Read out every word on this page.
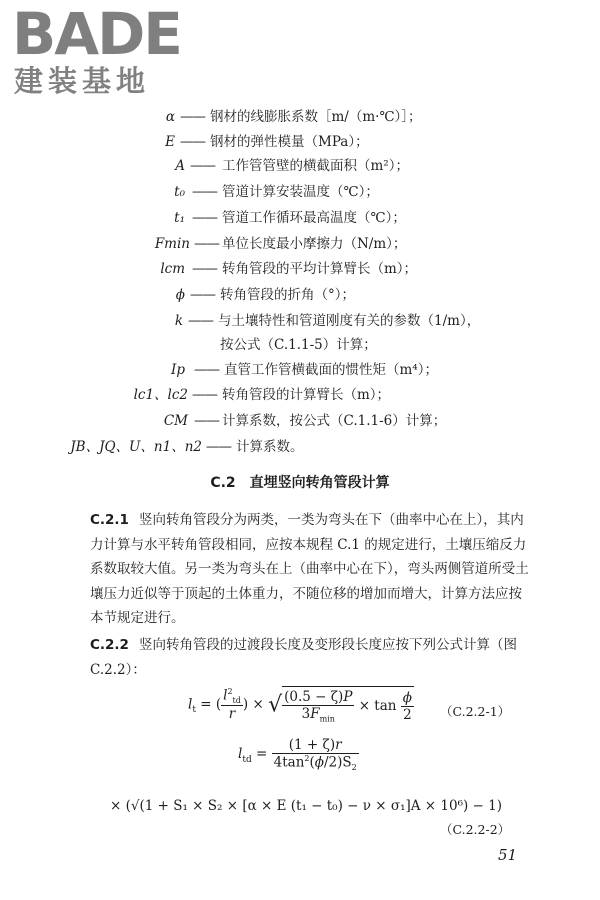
BADE
建装基地
α —— 钢材的线膨胀系数［m/（m·℃）］；
E —— 钢材的弹性模量（MPa）；
A —— 工作管管壁的横截面积（m²）；
t₀ —— 管道计算安装温度（℃）；
t₁ —— 管道工作循环最高温度（℃）；
Fmin —— 单位长度最小摩擦力（N/m）；
lcm —— 转角管段的平均计算臂长（m）；
ϕ —— 转角管段的折角（°）；
k —— 与土壤特性和管道刚度有关的参数（1/m），
按公式（C.1.1-5）计算；
Ip —— 直管工作管横截面的惯性矩（m⁴）；
lc1、lc2 —— 转角管段的计算臂长（m）；
CM —— 计算系数，按公式（C.1.1-6）计算；
JB、JQ、U、n1、n2 —— 计算系数。
C.2　直埋竖向转角管段计算
C.2.1 竖向转角管段分为两类，一类为弯头在下（曲率中心在上），其内力计算与水平转角管段相同，应按本规程 C.1 的规定进行，土壤压缩反力系数取较大值。另一类为弯头在上（曲率中心在下），弯头两侧管道所受土壤压力近似等于顶起的土体重力，不随位移的增加而增大，计算方法应按本节规定进行。
C.2.2 竖向转角管段的过渡段长度及变形段长度应按下列公式计算（图 C.2.2）：
$l_t$ = ( $\frac{l^2_{td}}{r}$ ) × √ $\frac{(0.5 - \zeta)P}{3F_{min}} \times \tan \frac{\phi}{2} (C.2.2-1)$
$l_{td} = \frac{(1 + \zeta)r}{4\tan^2(\phi/2)S_2}$
× (√(1 + S₁ × S₂ × [α × E (t₁ − t₀) − ν × σ₁]A × 10⁶) − 1)
（C.2.2-2）
51
